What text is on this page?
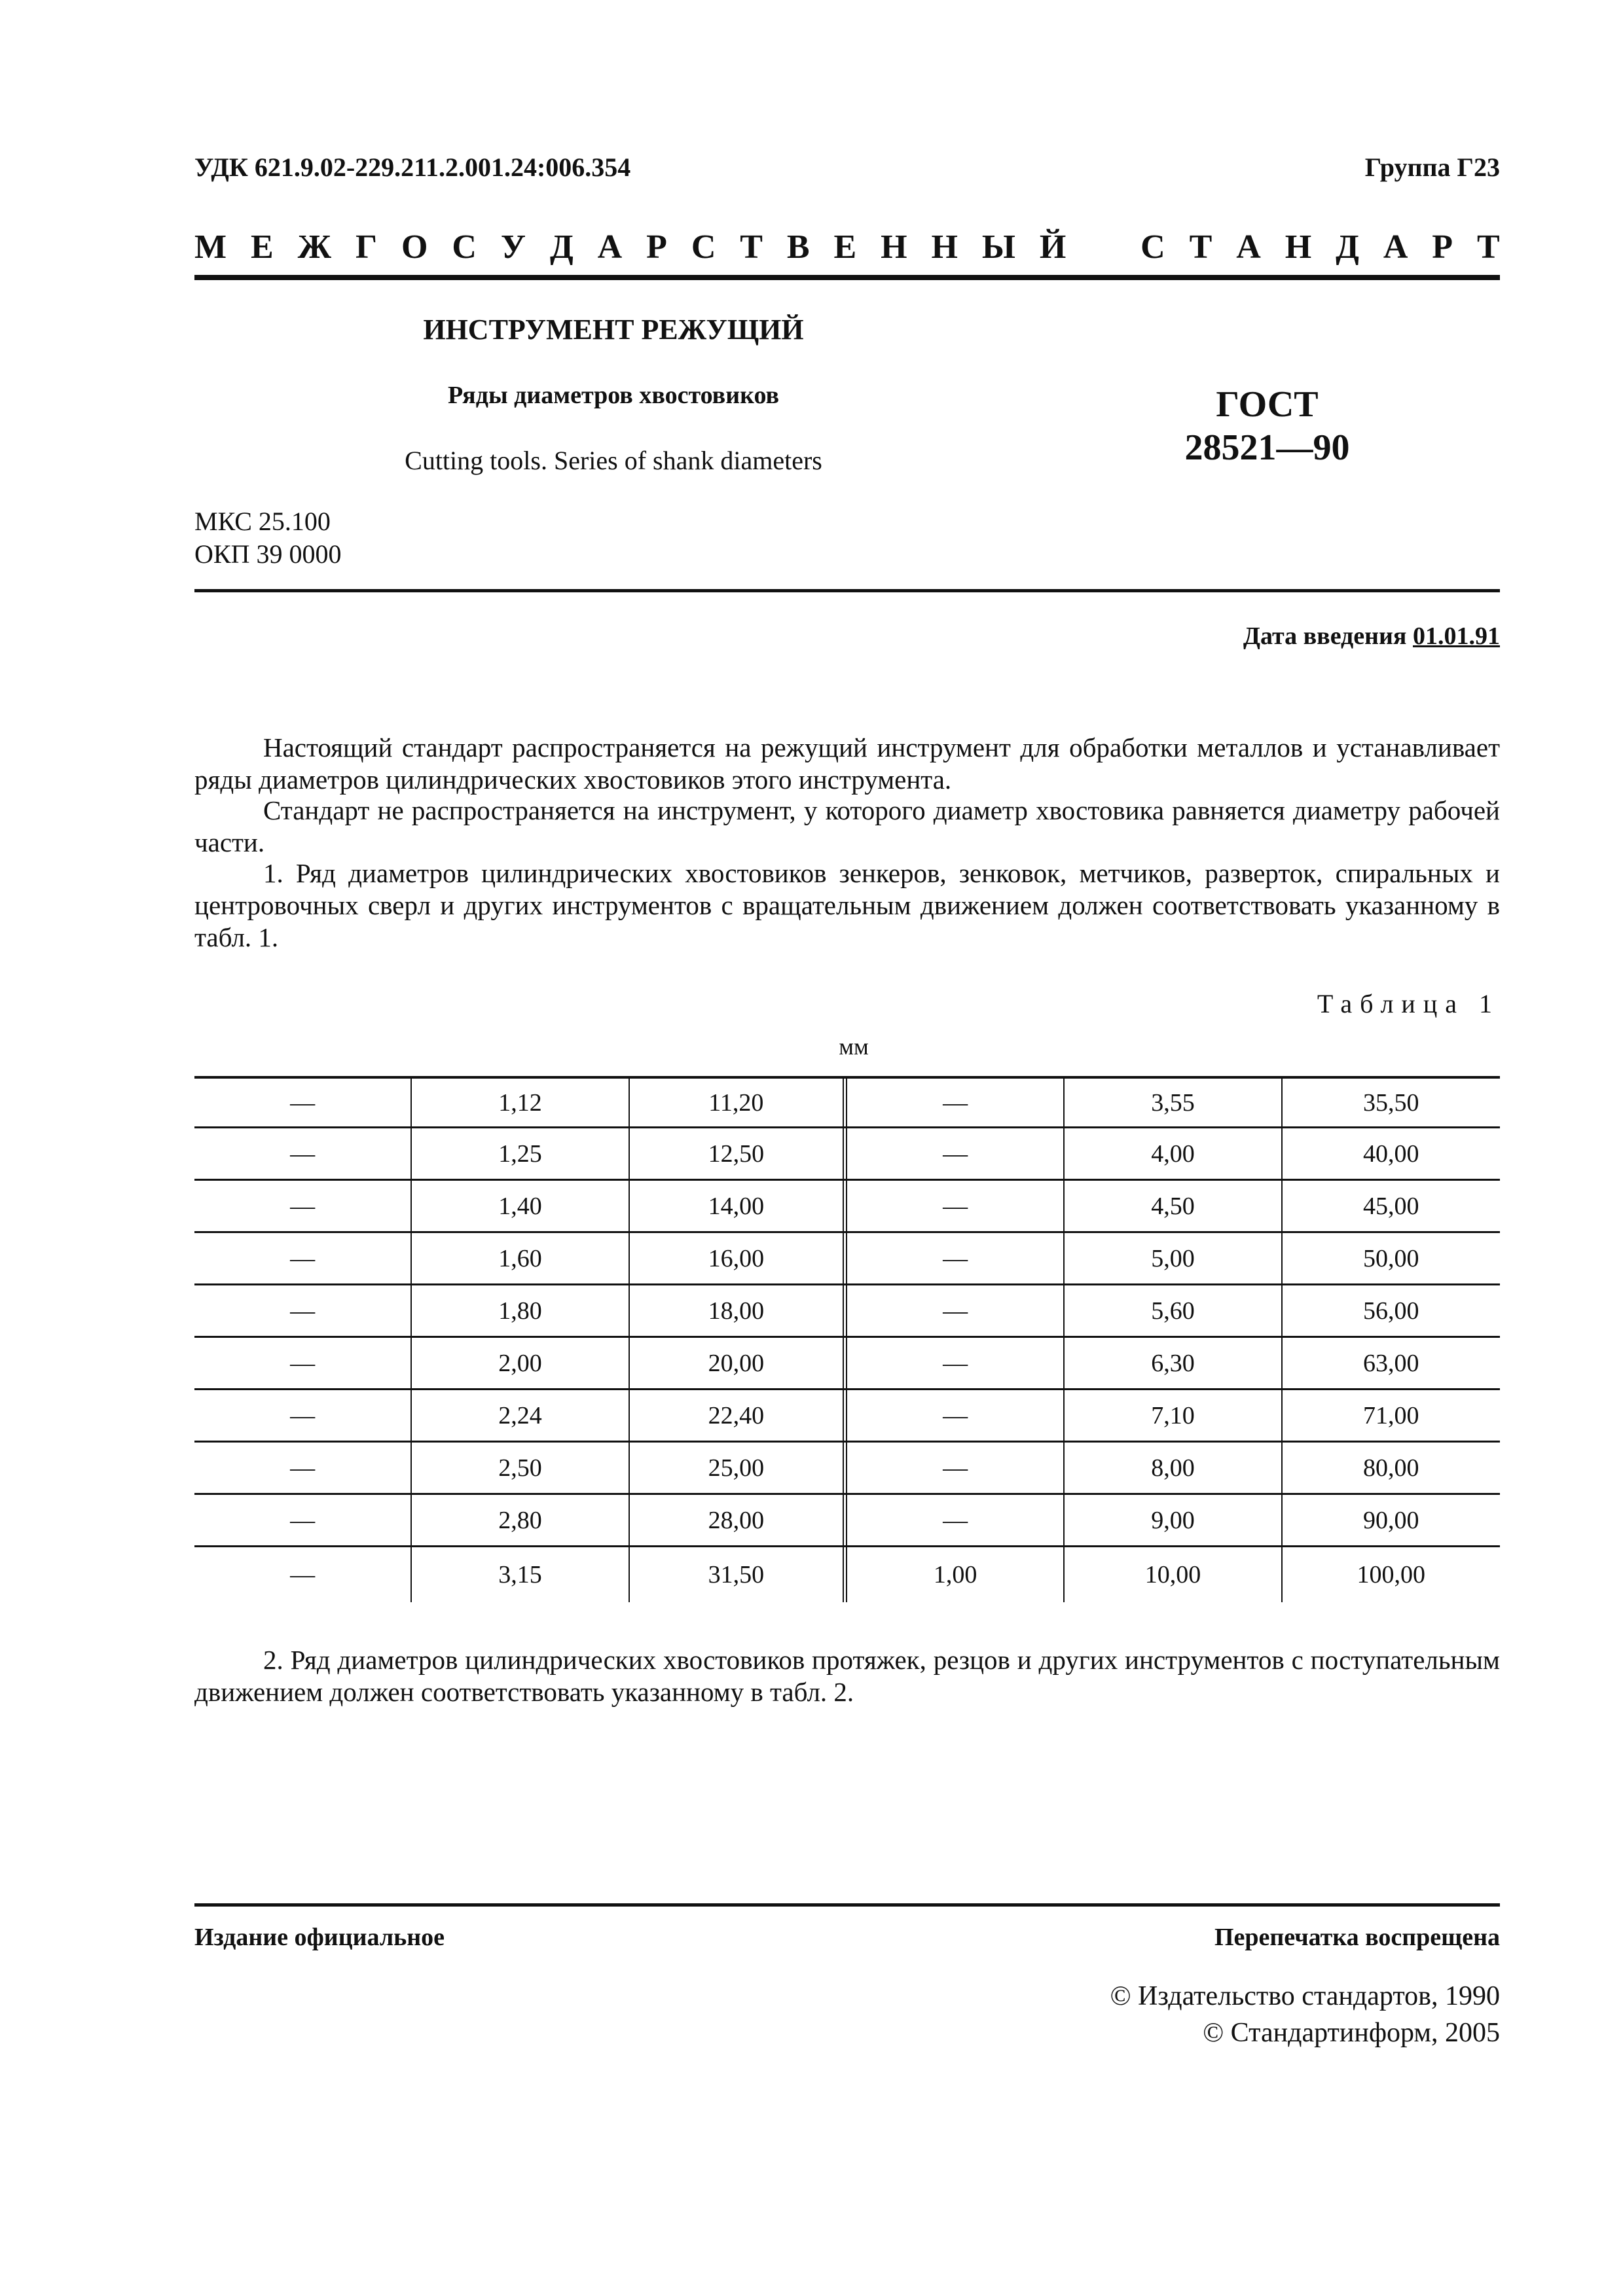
УДК 621.9.02-229.211.2.001.24:006.354	Группа Г23
М Е Ж Г О С У Д А Р С Т В Е Н Н Ы Й С Т А Н Д А Р Т
ИНСТРУМЕНТ РЕЖУЩИЙ
Ряды диаметров хвостовиков
Cutting tools. Series of shank diameters
ГОСТ
28521—90
МКС 25.100
ОКП 39 0000
Дата введения 01.01.91
Настоящий стандарт распространяется на режущий инструмент для обработки металлов и устанавливает ряды диаметров цилиндрических хвостовиков этого инструмента.
Стандарт не распространяется на инструмент, у которого диаметр хвостовика равняется диаметру рабочей части.
1. Ряд диаметров цилиндрических хвостовиков зенкеров, зенковок, метчиков, разверток, спиральных и центровочных сверл и других инструментов с вращательным движением должен соответствовать указанному в табл. 1.
Таблица 1
мм
—	1,12	11,20	—	3,55	35,50
—	1,25	12,50	—	4,00	40,00
—	1,40	14,00	—	4,50	45,00
—	1,60	16,00	—	5,00	50,00
—	1,80	18,00	—	5,60	56,00
—	2,00	20,00	—	6,30	63,00
—	2,24	22,40	—	7,10	71,00
—	2,50	25,00	—	8,00	80,00
—	2,80	28,00	—	9,00	90,00
—	3,15	31,50	1,00	10,00	100,00
2. Ряд диаметров цилиндрических хвостовиков протяжек, резцов и других инструментов с поступательным движением должен соответствовать указанному в табл. 2.
Издание официальное	Перепечатка воспрещена
© Издательство стандартов, 1990
© Стандартинформ, 2005
